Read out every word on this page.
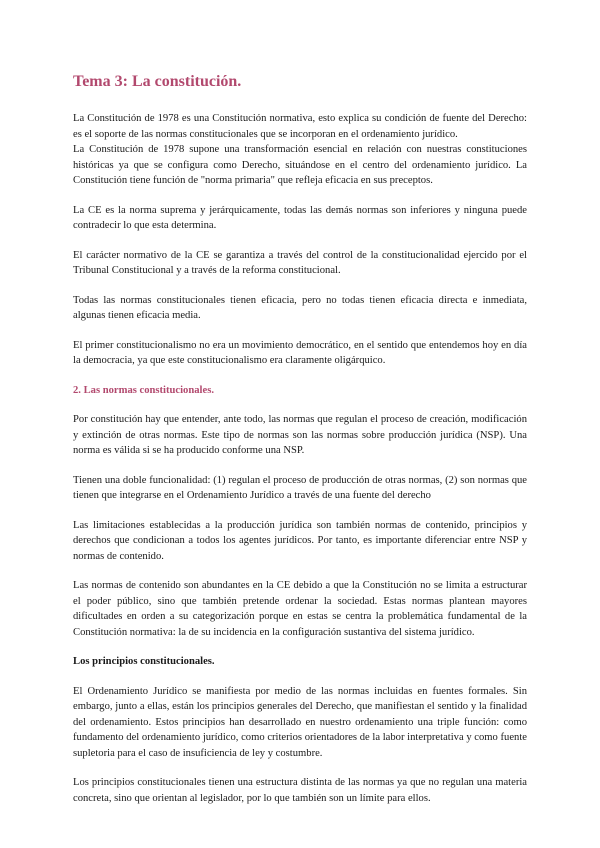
Tema 3: La constitución.

La Constitución de 1978 es una Constitución normativa, esto explica su condición de fuente del Derecho: es el soporte de las normas constitucionales que se incorporan en el ordenamiento jurídico.

La Constitución de 1978 supone una transformación esencial en relación con nuestras constituciones históricas ya que se configura como Derecho, situándose en el centro del ordenamiento jurídico. La Constitución tiene función de "norma primaria" que refleja eficacia en sus preceptos.

La CE es la norma suprema y jerárquicamente, todas las demás normas son inferiores y ninguna puede contradecir lo que esta determina.

El carácter normativo de la CE se garantiza a través del control de la constitucionalidad ejercido por el Tribunal Constitucional y a través de la reforma constitucional.

Todas las normas constitucionales tienen eficacia, pero no todas tienen eficacia directa e inmediata, algunas tienen eficacia media.

El primer constitucionalismo no era un movimiento democrático, en el sentido que entendemos hoy en día la democracia, ya que este constitucionalismo era claramente oligárquico.

2. Las normas constitucionales.

Por constitución hay que entender, ante todo, las normas que regulan el proceso de creación, modificación y extinción de otras normas. Este tipo de normas son las normas sobre producción jurídica (NSP). Una norma es válida si se ha producido conforme una NSP.

Tienen una doble funcionalidad: (1) regulan el proceso de producción de otras normas, (2) son normas que tienen que integrarse en el Ordenamiento Jurídico a través de una fuente del derecho

Las limitaciones establecidas a la producción jurídica son también normas de contenido, principios y derechos que condicionan a todos los agentes jurídicos. Por tanto, es importante diferenciar entre NSP y normas de contenido.

Las normas de contenido son abundantes en la CE debido a que la Constitución no se limita a estructurar el poder público, sino que también pretende ordenar la sociedad. Estas normas plantean mayores dificultades en orden a su categorización porque en estas se centra la problemática fundamental de la Constitución normativa: la de su incidencia en la configuración sustantiva del sistema jurídico.

Los principios constitucionales.

El Ordenamiento Jurídico se manifiesta por medio de las normas incluidas en fuentes formales. Sin embargo, junto a ellas, están los principios generales del Derecho, que manifiestan el sentido y la finalidad del ordenamiento. Estos principios han desarrollado en nuestro ordenamiento una triple función: como fundamento del ordenamiento jurídico, como criterios orientadores de la labor interpretativa y como fuente supletoria para el caso de insuficiencia de ley y costumbre.

Los principios constitucionales tienen una estructura distinta de las normas ya que no regulan una materia concreta, sino que orientan al legislador, por lo que también son un límite para ellos.
